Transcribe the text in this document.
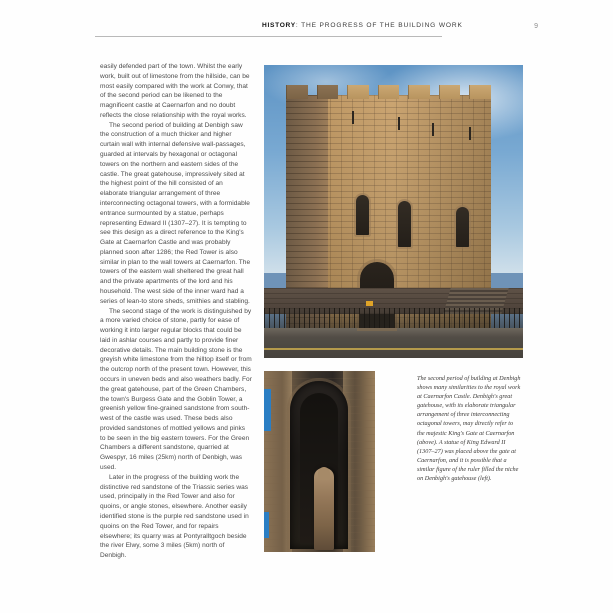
HISTORY: THE PROGRESS OF THE BUILDING WORK	9

easily defended part of the town. Whilst the early work, built out of limestone from the hillside, can be most easily compared with the work at Conwy, that of the second period can be likened to the magnificent castle at Caernarfon and no doubt reflects the close relationship with the royal works.

The second period of building at Denbigh saw the construction of a much thicker and higher curtain wall with internal defensive wall-passages, guarded at intervals by hexagonal or octagonal towers on the northern and eastern sides of the castle. The great gatehouse, impressively sited at the highest point of the hill consisted of an elaborate triangular arrangement of three interconnecting octagonal towers, with a formidable entrance surmounted by a statue, perhaps representing Edward II (1307–27). It is tempting to see this design as a direct reference to the King's Gate at Caernarfon Castle and was probably planned soon after 1286; the Red Tower is also similar in plan to the wall towers at Caernarfon. The towers of the eastern wall sheltered the great hall and the private apartments of the lord and his household. The west side of the inner ward had a series of lean-to store sheds, smithies and stabling.

The second stage of the work is distinguished by a more varied choice of stone, partly for ease of working it into larger regular blocks that could be laid in ashlar courses and partly to provide finer decorative details. The main building stone is the greyish white limestone from the hilltop itself or from the outcrop north of the present town. However, this occurs in uneven beds and also weathers badly. For the great gatehouse, part of the Green Chambers, the town's Burgess Gate and the Goblin Tower, a greenish yellow fine-grained sandstone from south-west of the castle was used. These beds also provided sandstones of mottled yellows and pinks to be seen in the big eastern towers. For the Green Chambers a different sandstone, quarried at Gwespyr, 16 miles (25km) north of Denbigh, was used.

Later in the progress of the building work the distinctive red sandstone of the Triassic series was used, principally in the Red Tower and also for quoins, or angle stones, elsewhere. Another easily identified stone is the purple red sandstone used in quoins on the Red Tower, and for repairs elsewhere; its quarry was at Pontyralltgoch beside the river Elwy, some 3 miles (5km) north of Denbigh.

The second period of building at Denbigh shows many similarities to the royal work at Caernarfon Castle. Denbigh's great gatehouse, with its elaborate triangular arrangement of three interconnecting octagonal towers, may directly refer to the majestic King's Gate at Caernarfon (above). A statue of King Edward II (1307–27) was placed above the gate at Caernarfon, and it is possible that a similar figure of the ruler filled the niche on Denbigh's gatehouse (left).
